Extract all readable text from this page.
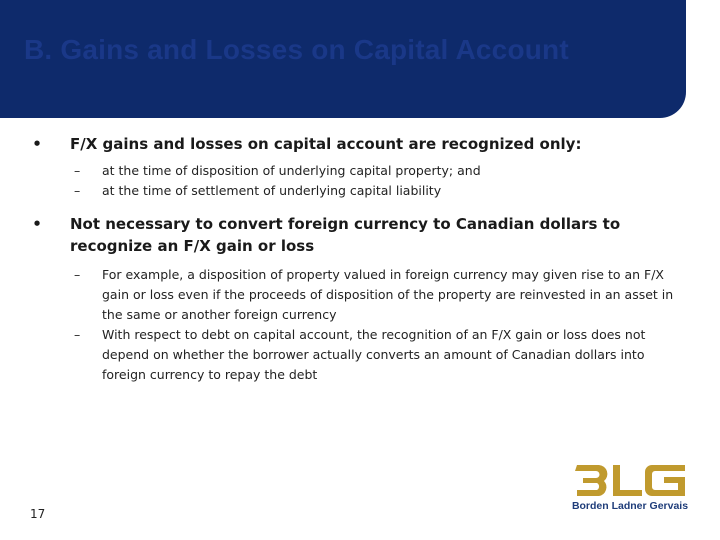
B. Gains and Losses on Capital Account
• F/X gains and losses on capital account are recognized only:
– at the time of disposition of underlying capital property; and
– at the time of settlement of underlying capital liability
• Not necessary to convert foreign currency to Canadian dollars to recognize an F/X gain or loss
– For example, a disposition of property valued in foreign currency may given rise to an F/X gain or loss even if the proceeds of disposition of the property are reinvested in an asset in the same or another foreign currency
– With respect to debt on capital account, the recognition of an F/X gain or loss does not depend on whether the borrower actually converts an amount of Canadian dollars into foreign currency to repay the debt
17
Borden Ladner Gervais
